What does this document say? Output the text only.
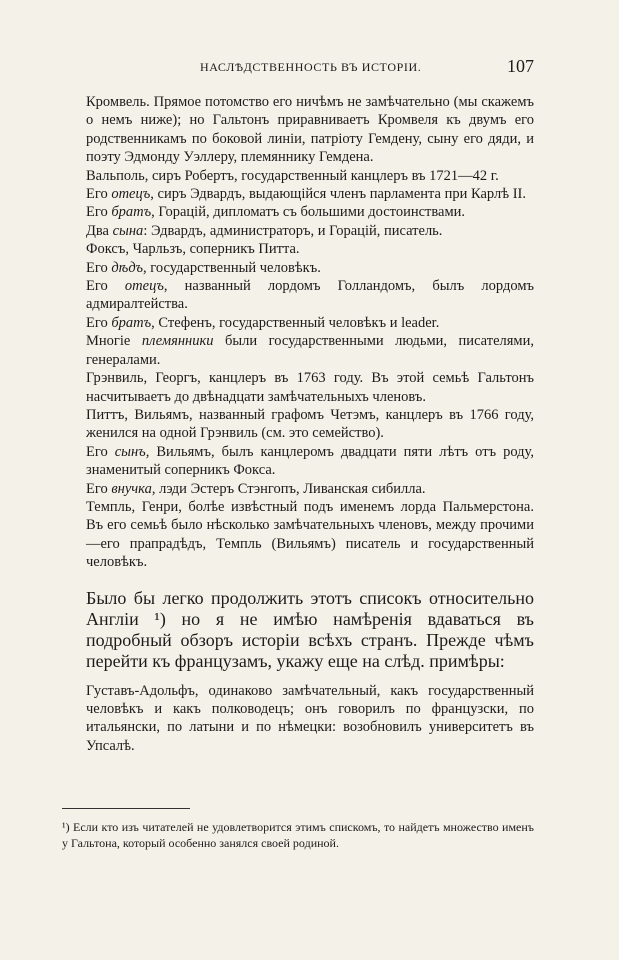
НАСЛѢДСТВЕННОСТЬ ВЪ ИСТОРІИ.	107

Кромвель. Прямое потомство его ничѣмъ не замѣчательно (мы скажемъ о немъ ниже); но Гальтонъ приравниваетъ Кромвеля къ двумъ его родственникамъ по боковой линіи, патріоту Гемдену, сыну его дяди, и поэту Эдмонду Уэллеру, племяннику Гемдена.

Вальполь, сиръ Робертъ, государственный канцлеръ въ 1721—42 г.

Его отецъ, сиръ Эдвардъ, выдающійся членъ парламента при Карлѣ II.

Его братъ, Горацій, дипломатъ съ большими достоинствами.

Два сына: Эдвардъ, администраторъ, и Горацій, писатель.

Фоксъ, Чарльзъ, соперникъ Питта.

Его дѣдъ, государственный человѣкъ.

Его отецъ, названный лордомъ Голландомъ, былъ лордомъ адмиралтейства.

Его братъ, Стефенъ, государственный человѣкъ и leader.

Многіе племянники были государственными людьми, писателями, генералами.

Грэнвиль, Георгъ, канцлеръ въ 1763 году. Въ этой семьѣ Гальтонъ насчитываетъ до двѣнадцати замѣчательныхъ членовъ.

Питтъ, Вильямъ, названный графомъ Четэмъ, канцлеръ въ 1766 году, женился на одной Грэнвиль (см. это семейство).

Его сынъ, Вильямъ, былъ канцлеромъ двадцати пяти лѣтъ отъ роду, знаменитый соперникъ Фокса.

Его внучка, лэди Эстеръ Стэнгопъ, Ливанская сибилла.

Темпль, Генри, болѣе извѣстный подъ именемъ лорда Пальмерстона. Въ его семьѣ было нѣсколько замѣчательныхъ членовъ, между прочими—его прапрадѣдъ, Темпль (Вильямъ) писатель и государственный человѣкъ.

Было бы легко продолжить этотъ списокъ относительно Англіи ¹) но я не имѣю намѣренія вдаваться въ подробный обзоръ исторіи всѣхъ странъ. Прежде чѣмъ перейти къ французамъ, укажу еще на слѣд. примѣры:

Густавъ-Адольфъ, одинаково замѣчательный, какъ государственный человѣкъ и какъ полководецъ; онъ говорилъ по французски, по итальянски, по латыни и по нѣмецки: возобновилъ университетъ въ Упсалѣ.

¹) Если кто изъ читателей не удовлетворится этимъ спискомъ, то найдетъ множество именъ у Гальтона, который особенно занялся своей родиной.
